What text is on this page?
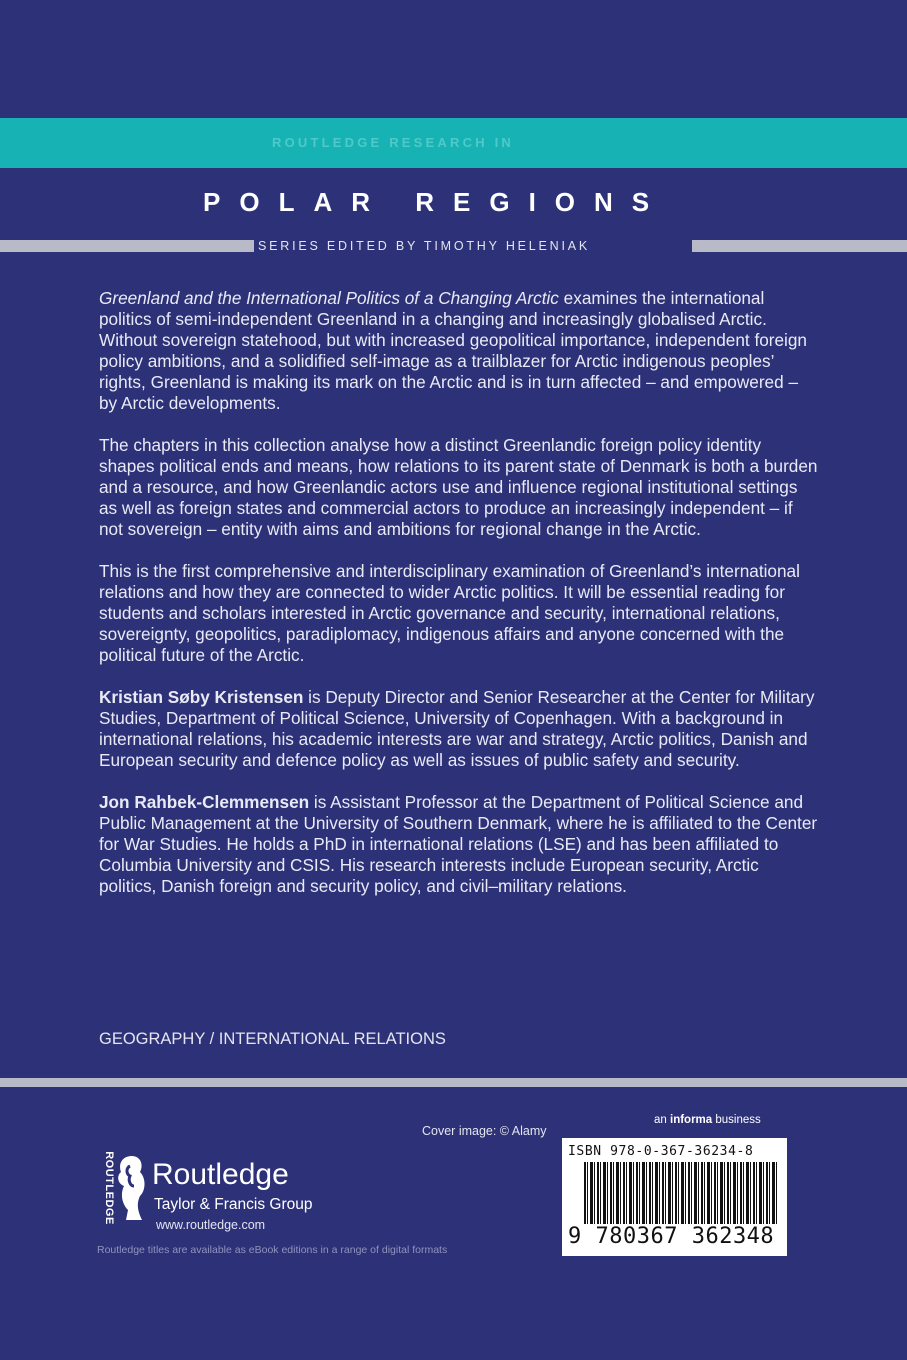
ROUTLEDGE RESEARCH IN
POLAR REGIONS
SERIES EDITED BY TIMOTHY HELENIAK

Greenland and the International Politics of a Changing Arctic examines the international politics of semi-independent Greenland in a changing and increasingly globalised Arctic. Without sovereign statehood, but with increased geopolitical importance, independent foreign policy ambitions, and a solidified self-image as a trailblazer for Arctic indigenous peoples’ rights, Greenland is making its mark on the Arctic and is in turn affected – and empowered – by Arctic developments.

The chapters in this collection analyse how a distinct Greenlandic foreign policy identity shapes political ends and means, how relations to its parent state of Denmark is both a burden and a resource, and how Greenlandic actors use and influence regional institutional settings as well as foreign states and commercial actors to produce an increasingly independent – if not sovereign – entity with aims and ambitions for regional change in the Arctic.

This is the first comprehensive and interdisciplinary examination of Greenland’s international relations and how they are connected to wider Arctic politics. It will be essential reading for students and scholars interested in Arctic governance and security, international relations, sovereignty, geopolitics, paradiplomacy, indigenous affairs and anyone concerned with the political future of the Arctic.

Kristian Søby Kristensen is Deputy Director and Senior Researcher at the Center for Military Studies, Department of Political Science, University of Copenhagen. With a background in international relations, his academic interests are war and strategy, Arctic politics, Danish and European security and defence policy as well as issues of public safety and security.

Jon Rahbek-Clemmensen is Assistant Professor at the Department of Political Science and Public Management at the University of Southern Denmark, where he is affiliated to the Center for War Studies. He holds a PhD in international relations (LSE) and has been affiliated to Columbia University and CSIS. His research interests include European security, Arctic politics, Danish foreign and security policy, and civil–military relations.

GEOGRAPHY / INTERNATIONAL RELATIONS
Cover image: © Alamy
an informa business
ISBN 978-0-367-36234-8
9 780367 362348
ROUTLEDGE Routledge
Taylor & Francis Group
www.routledge.com
Routledge titles are available as eBook editions in a range of digital formats
